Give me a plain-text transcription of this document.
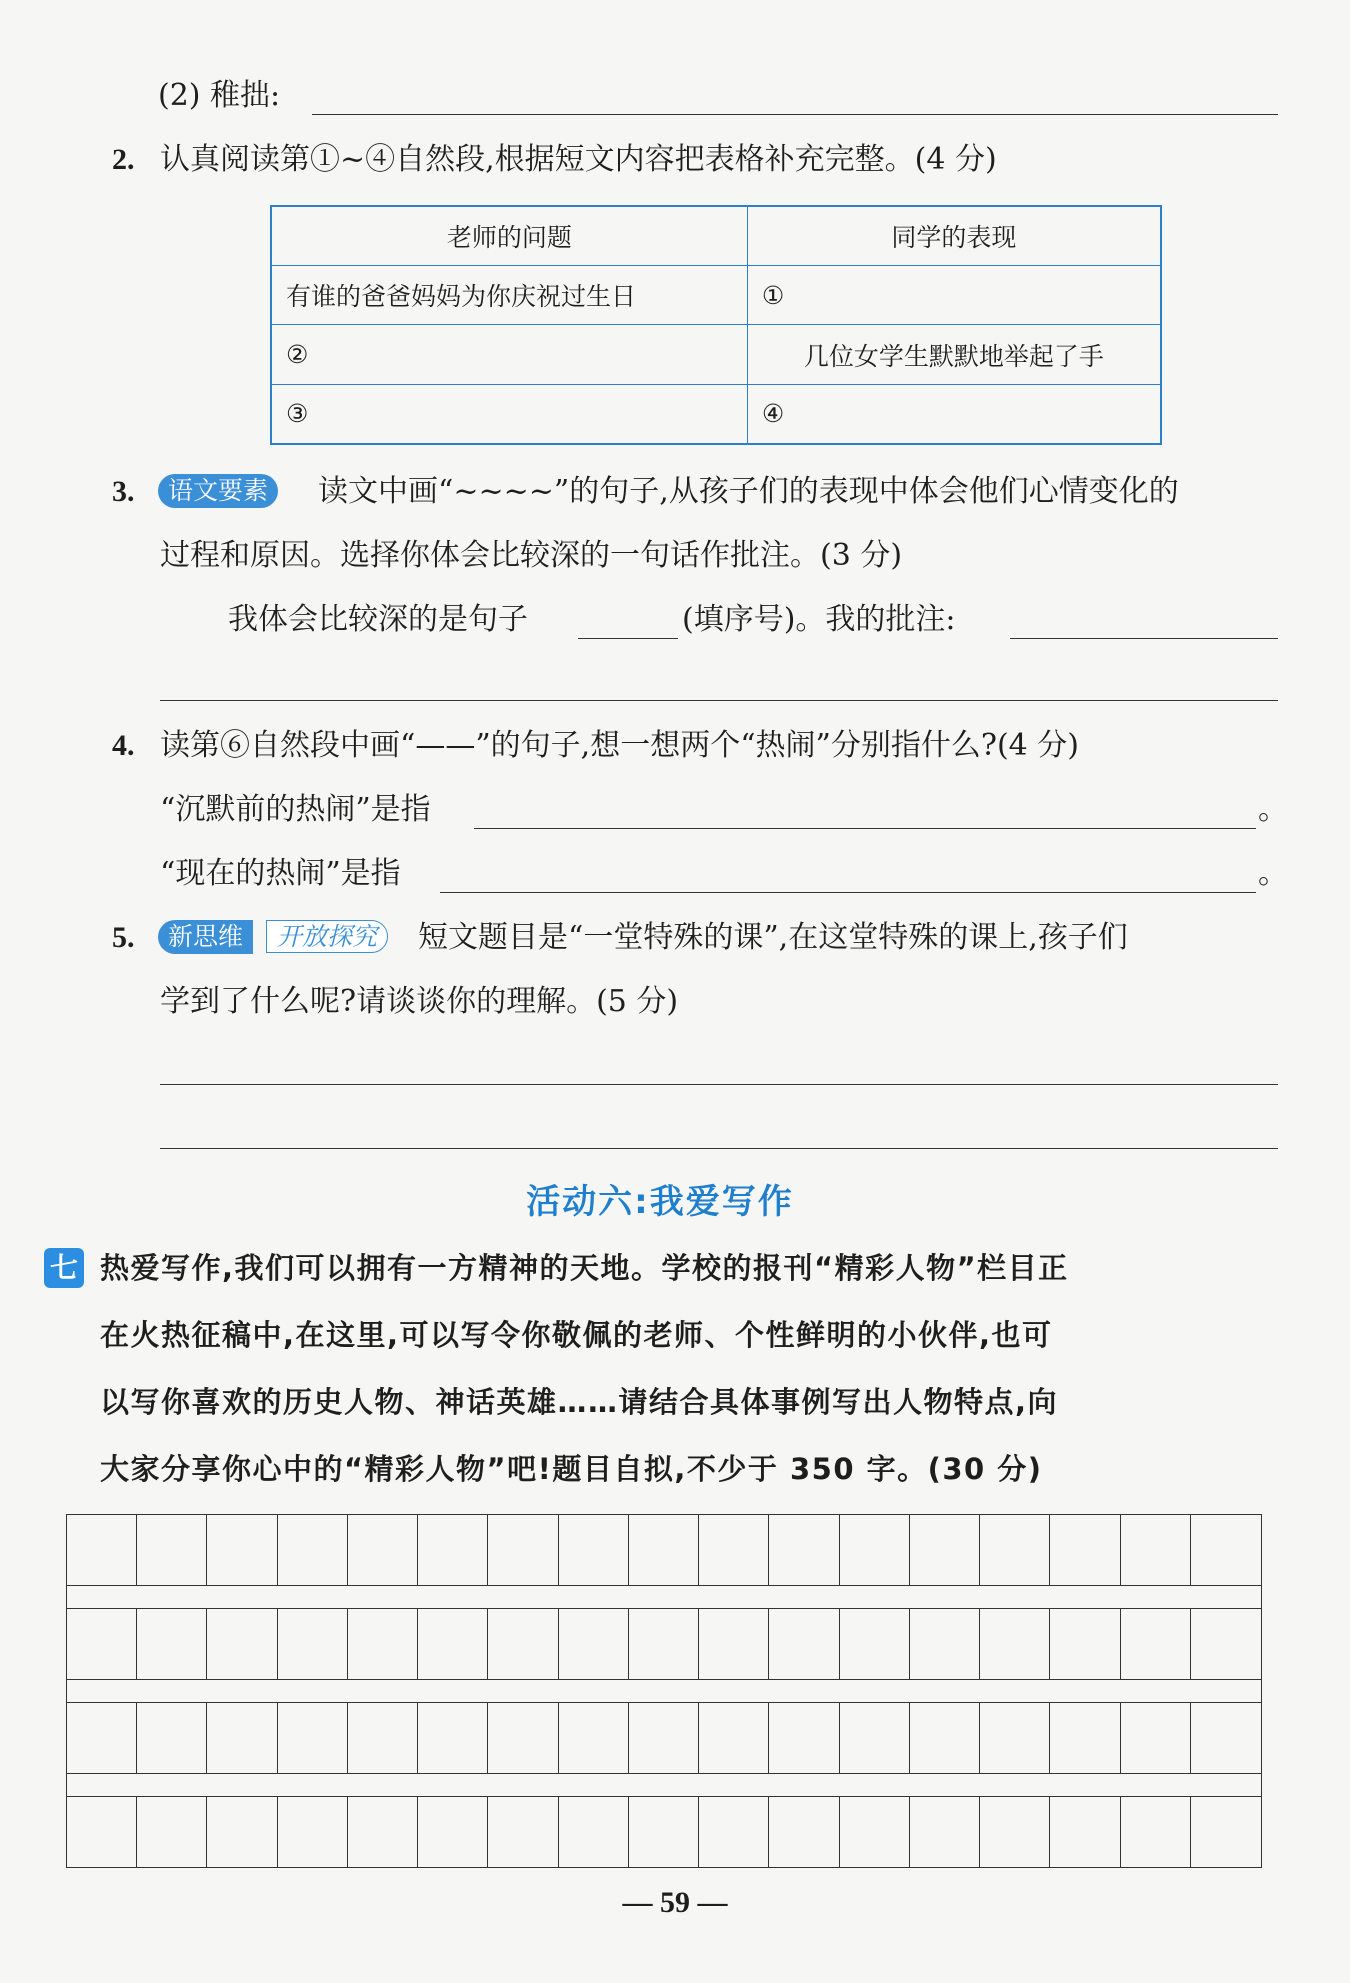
(2) 稚拙:
2. 认真阅读第①~④自然段,根据短文内容把表格补充完整。(4 分)
老师的问题	同学的表现
有谁的爸爸妈妈为你庆祝过生日	①
②	几位女学生默默地举起了手
③	④
3.	语文要素	读文中画“~~~~”的句子,从孩子们的表现中体会他们心情变化的
过程和原因。选择你体会比较深的一句话作批注。(3 分)
我体会比较深的是句子	(填序号)。我的批注:
4. 读第⑥自然段中画“——”的句子,想一想两个“热闹”分别指什么?(4 分)
“沉默前的热闹”是指	。
“现在的热闹”是指	。
5.	新思维	开放探究	短文题目是“一堂特殊的课”,在这堂特殊的课上,孩子们
学到了什么呢?请谈谈你的理解。(5 分)
活动六:我爱写作
七 热爱写作,我们可以拥有一方精神的天地。学校的报刊“精彩人物”栏目正
在火热征稿中,在这里,可以写令你敬佩的老师、个性鲜明的小伙伴,也可
以写你喜欢的历史人物、神话英雄……请结合具体事例写出人物特点,向
大家分享你心中的“精彩人物”吧!题目自拟,不少于 350 字。(30 分)
— 59 —
